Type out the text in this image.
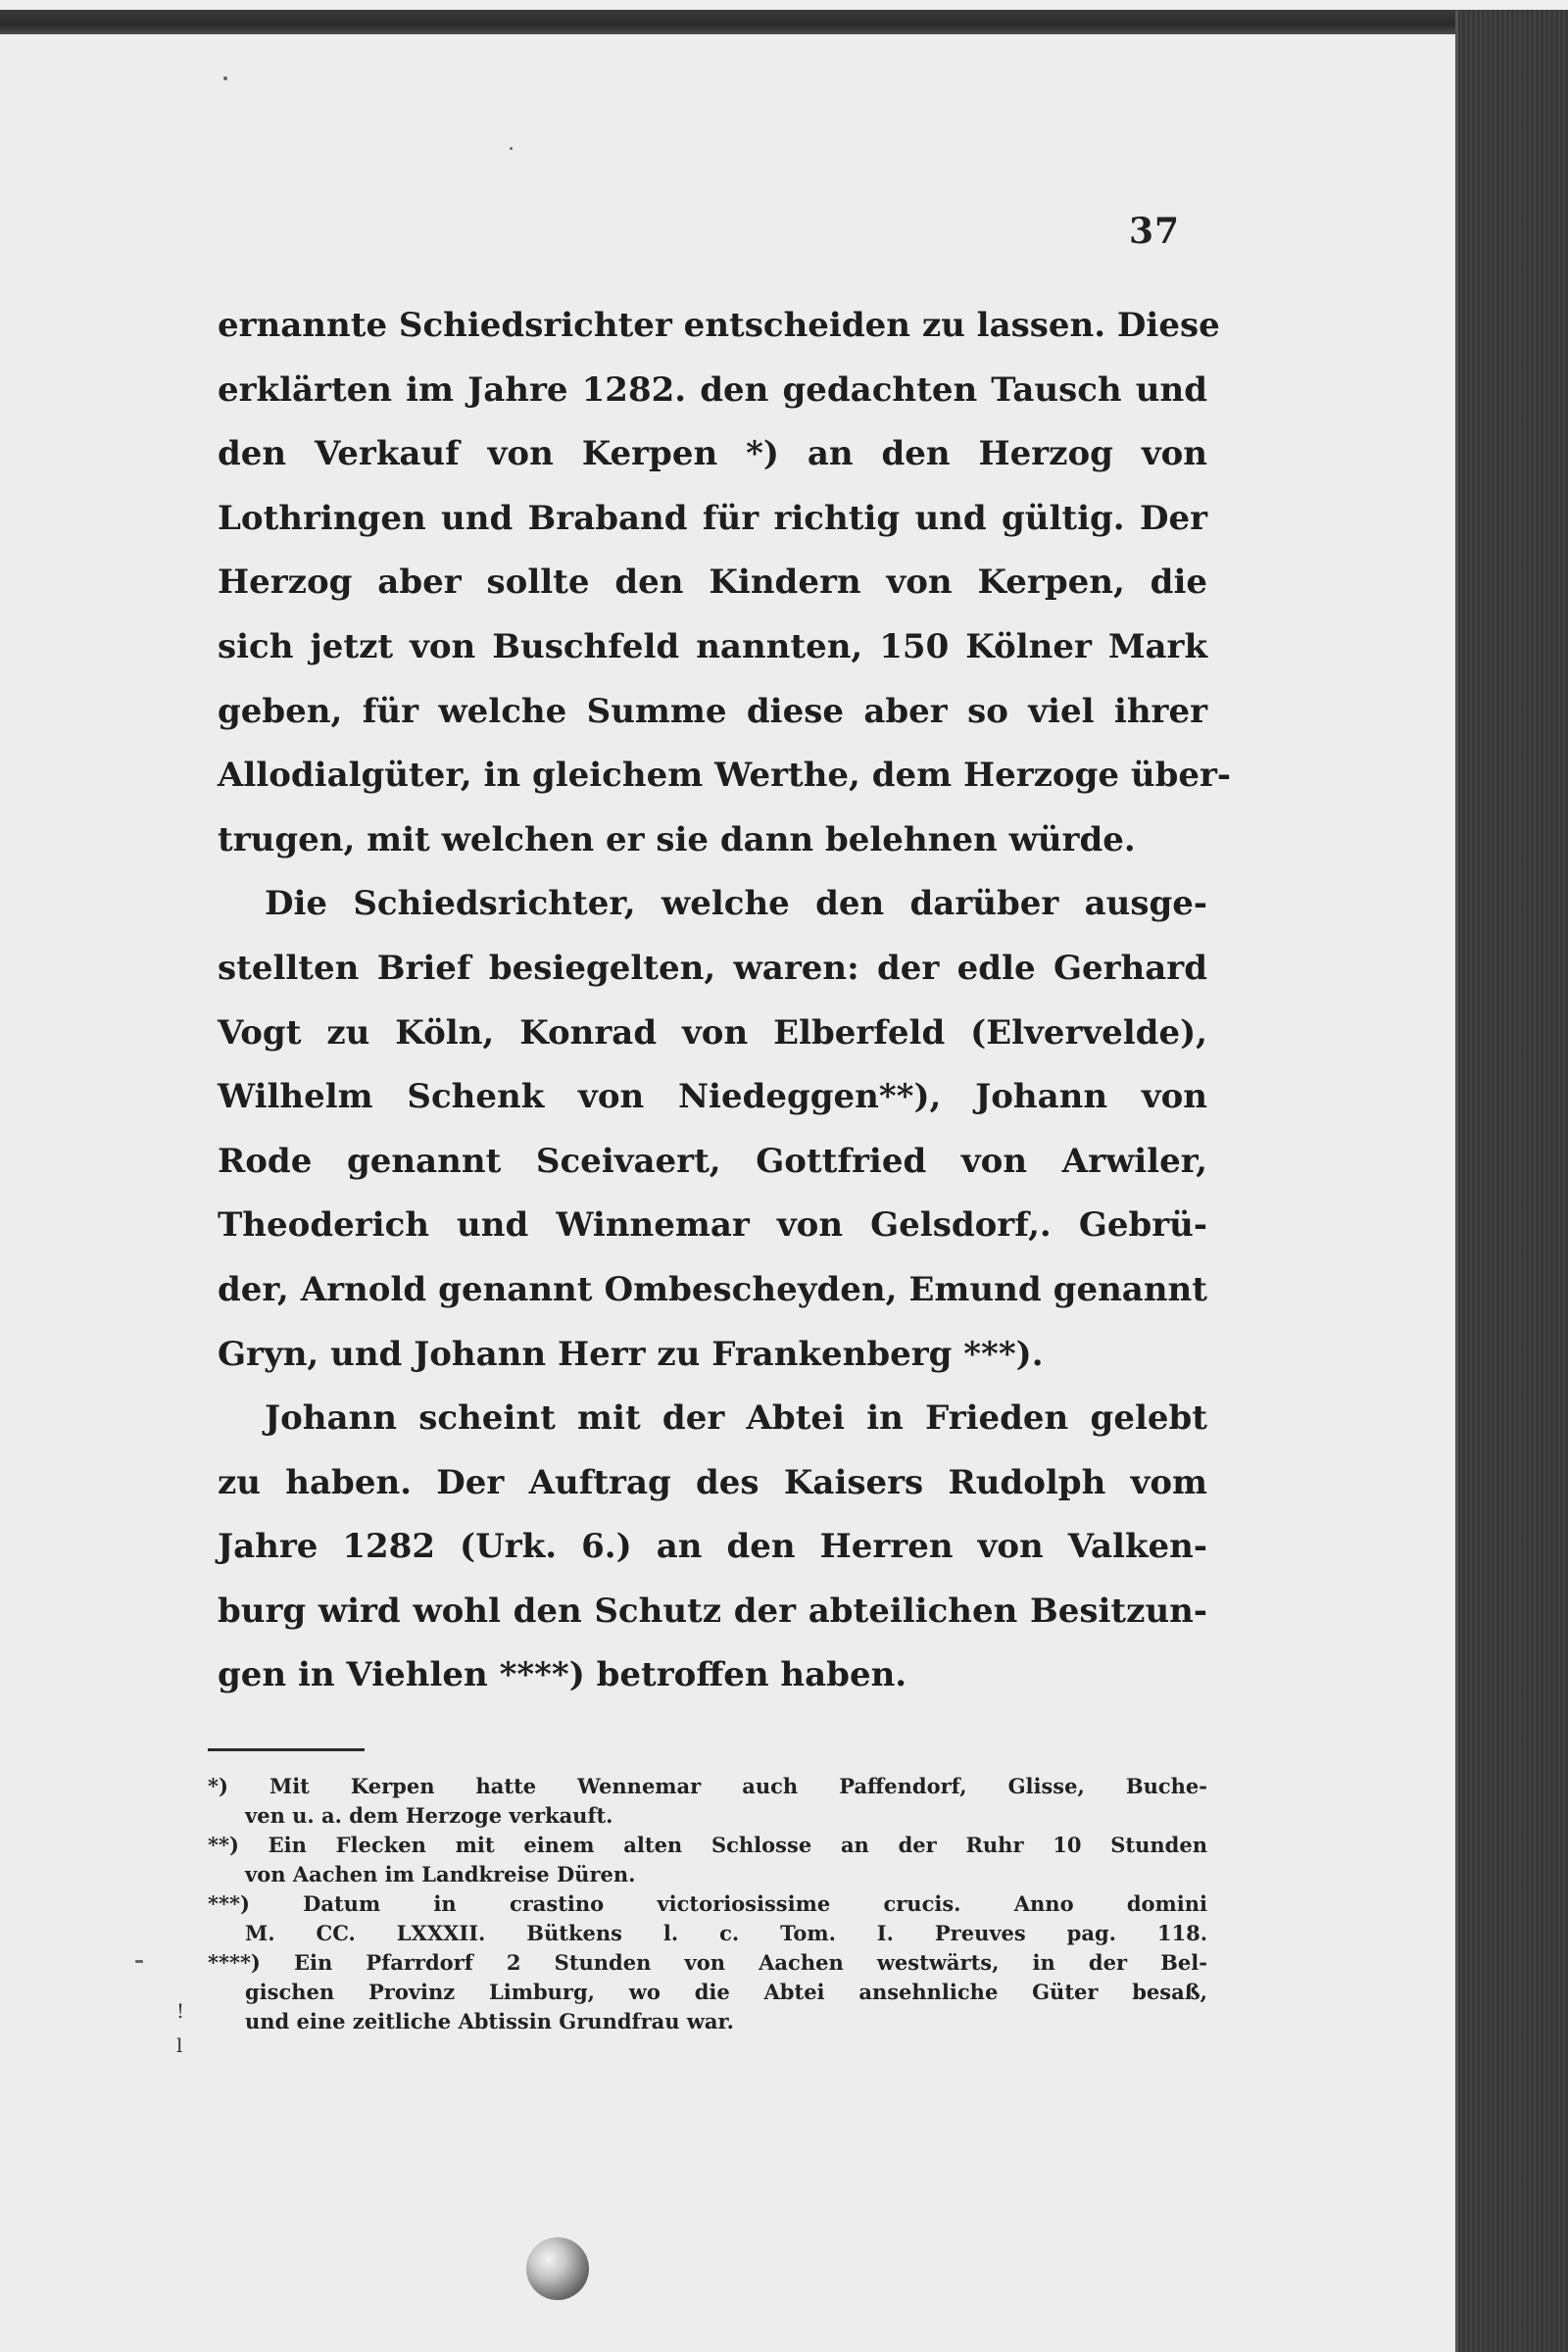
37
ernannte Schiedsrichter entscheiden zu lassen. Diese
erklärten im Jahre 1282. den gedachten Tausch und
den Verkauf von Kerpen *) an den Herzog von
Lothringen und Braband für richtig und gültig. Der
Herzog aber sollte den Kindern von Kerpen, die
sich jetzt von Buschfeld nannten, 150 Kölner Mark
geben, für welche Summe diese aber so viel ihrer
Allodialgüter, in gleichem Werthe, dem Herzoge über-
trugen, mit welchen er sie dann belehnen würde.
Die Schiedsrichter, welche den darüber ausge-
stellten Brief besiegelten, waren: der edle Gerhard
Vogt zu Köln, Konrad von Elberfeld (Elvervelde),
Wilhelm Schenk von Niedeggen**), Johann von
Rode genannt Sceivaert, Gottfried von Arwiler,
Theoderich und Winnemar von Gelsdorf,. Gebrü-
der, Arnold genannt Ombescheyden, Emund genannt
Gryn, und Johann Herr zu Frankenberg ***).
Johann scheint mit der Abtei in Frieden gelebt
zu haben. Der Auftrag des Kaisers Rudolph vom
Jahre 1282 (Urk. 6.) an den Herren von Valken-
burg wird wohl den Schutz der abteilichen Besitzun-
gen in Viehlen ****) betroffen haben.
*) Mit Kerpen hatte Wennemar auch Paffendorf, Glisse, Buche-
ven u. a. dem Herzoge verkauft.
**) Ein Flecken mit einem alten Schlosse an der Ruhr 10 Stunden
von Aachen im Landkreise Düren.
***) Datum in crastino victoriosissime crucis. Anno domini
M. CC. LXXXII. Bütkens l. c. Tom. I. Preuves pag. 118.
****) Ein Pfarrdorf 2 Stunden von Aachen westwärts, in der Bel-
gischen Provinz Limburg, wo die Abtei ansehnliche Güter besaß,
und eine zeitliche Abtissin Grundfrau war.
!
l
